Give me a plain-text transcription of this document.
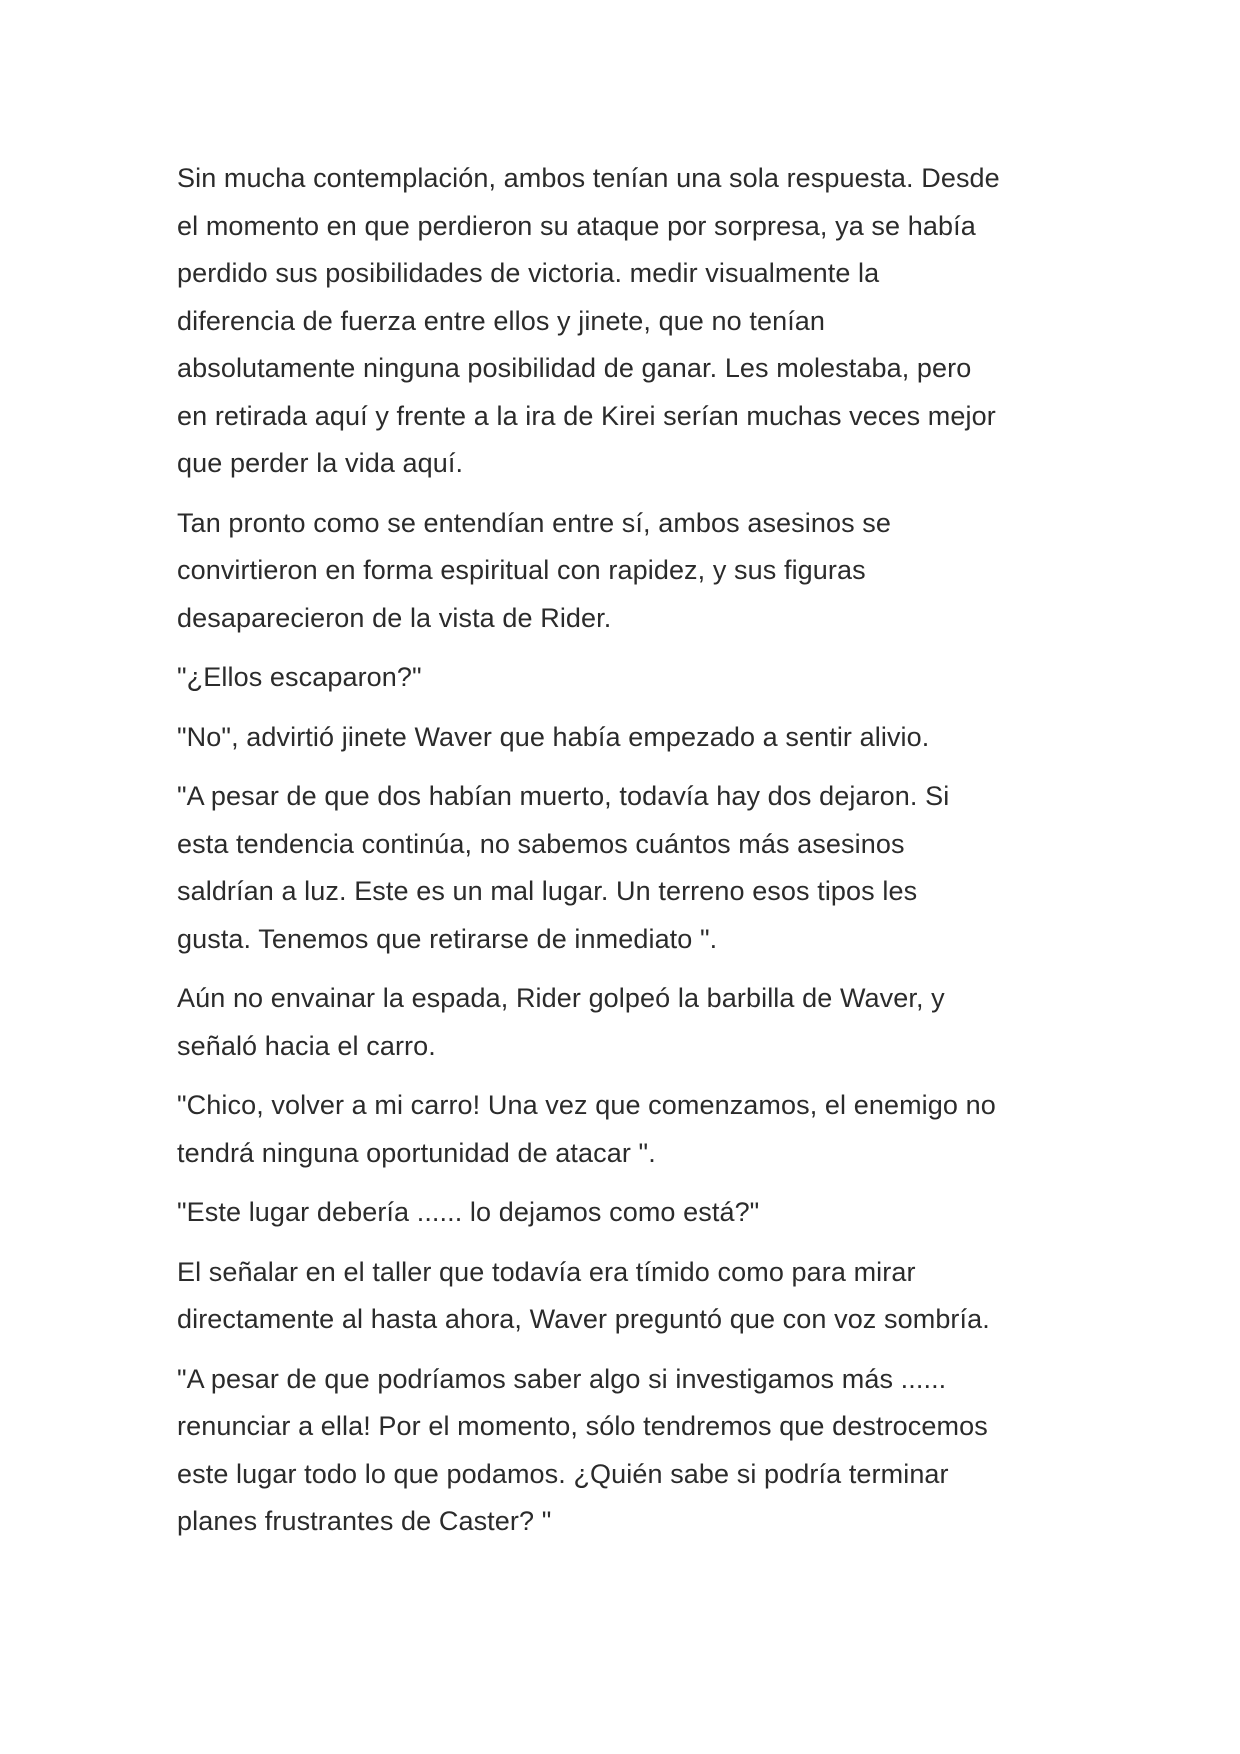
Sin mucha contemplación, ambos tenían una sola respuesta. Desde
el momento en que perdieron su ataque por sorpresa, ya se había
perdido sus posibilidades de victoria. medir visualmente la
diferencia de fuerza entre ellos y jinete, que no tenían
absolutamente ninguna posibilidad de ganar. Les molestaba, pero
en retirada aquí y frente a la ira de Kirei serían muchas veces mejor
que perder la vida aquí.

Tan pronto como se entendían entre sí, ambos asesinos se
convirtieron en forma espiritual con rapidez, y sus figuras
desaparecieron de la vista de Rider.

"¿Ellos escaparon?"

"No", advirtió jinete Waver que había empezado a sentir alivio.

"A pesar de que dos habían muerto, todavía hay dos dejaron. Si
esta tendencia continúa, no sabemos cuántos más asesinos
saldrían a luz. Este es un mal lugar. Un terreno esos tipos les
gusta. Tenemos que retirarse de inmediato ".

Aún no envainar la espada, Rider golpeó la barbilla de Waver, y
señaló hacia el carro.

"Chico, volver a mi carro! Una vez que comenzamos, el enemigo no
tendrá ninguna oportunidad de atacar ".

"Este lugar debería ...... lo dejamos como está?"

El señalar en el taller que todavía era tímido como para mirar
directamente al hasta ahora, Waver preguntó que con voz sombría.

"A pesar de que podríamos saber algo si investigamos más ......
renunciar a ella! Por el momento, sólo tendremos que destrocemos
este lugar todo lo que podamos. ¿Quién sabe si podría terminar
planes frustrantes de Caster? "
